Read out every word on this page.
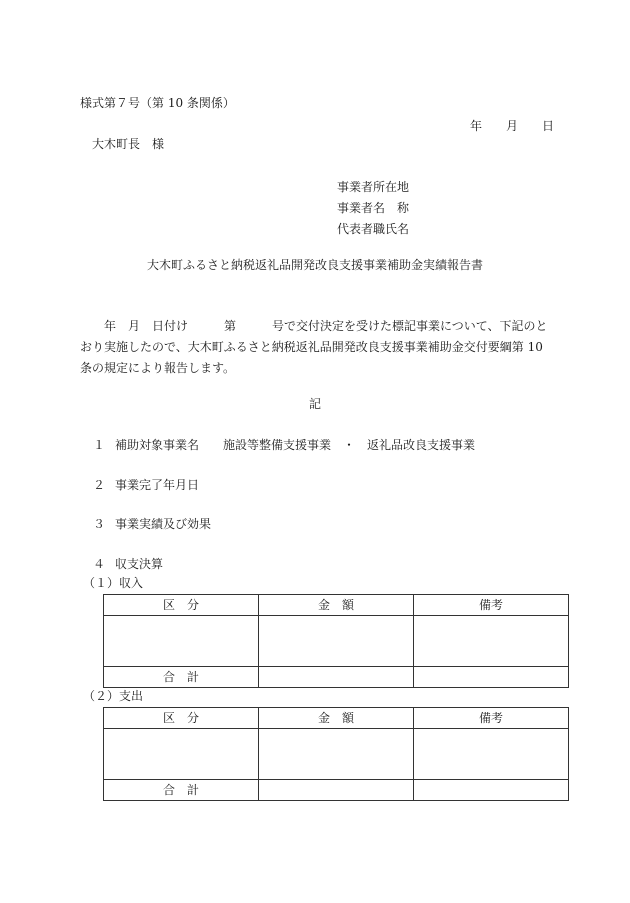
様式第７号（第 10 条関係）
年 月 日
大木町長　様
事業者所在地
事業者名　称
代表者職氏名
大木町ふるさと納税返礼品開発改良支援事業補助金実績報告書
　　年　月　日付け　　　第　　　号で交付決定を受けた標記事業について、下記のとおり実施したので、大木町ふるさと納税返礼品開発改良支援事業補助金交付要綱第 10 条の規定により報告します。
記
１ 補助対象事業名　　施設等整備支援事業　・　返礼品改良支援事業
２ 事業完了年月日
３ 事業実績及び効果
４ 収支決算
（１）収入
区　分	金　額	備考

合　計		
（２）支出
区　分	金　額	備考

合　計		
